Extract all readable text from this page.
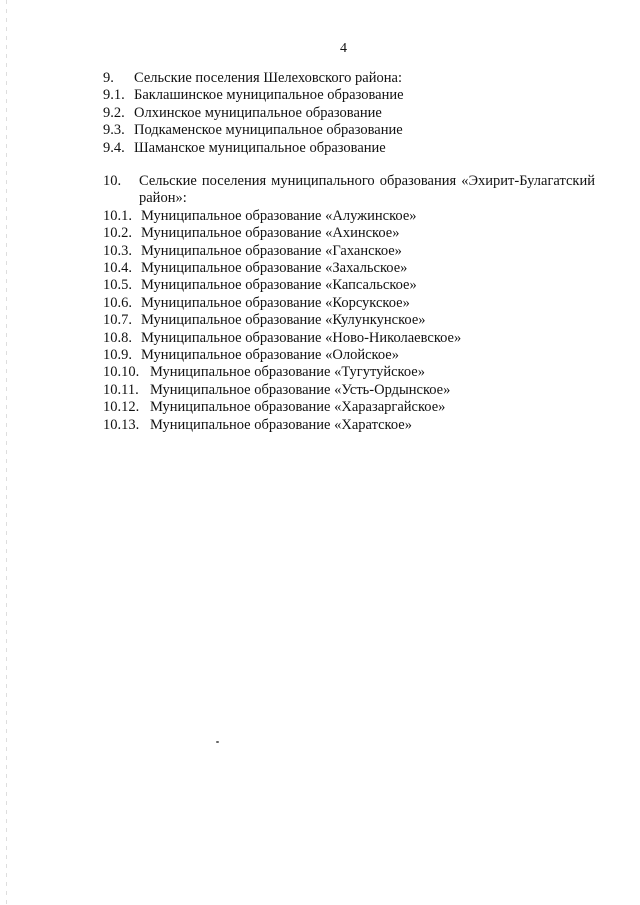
4
9.	Сельские поселения Шелеховского района:
9.1. Баклашинское муниципальное образование
9.2. Олхинское муниципальное образование
9.3. Подкаменское муниципальное образование
9.4. Шаманское муниципальное образование
10.	Сельские поселения муниципального образования «Эхирит-Булагатский район»:
10.1. Муниципальное образование «Алужинское»
10.2. Муниципальное образование «Ахинское»
10.3. Муниципальное образование «Гаханское»
10.4. Муниципальное образование «Захальское»
10.5. Муниципальное образование «Капсальское»
10.6. Муниципальное образование «Корсукское»
10.7. Муниципальное образование «Кулункунское»
10.8. Муниципальное образование «Ново-Николаевское»
10.9. Муниципальное образование «Олойское»
10.10. Муниципальное образование «Тугутуйское»
10.11. Муниципальное образование «Усть-Ордынское»
10.12. Муниципальное образование «Харазаргайское»
10.13. Муниципальное образование «Харатское»
